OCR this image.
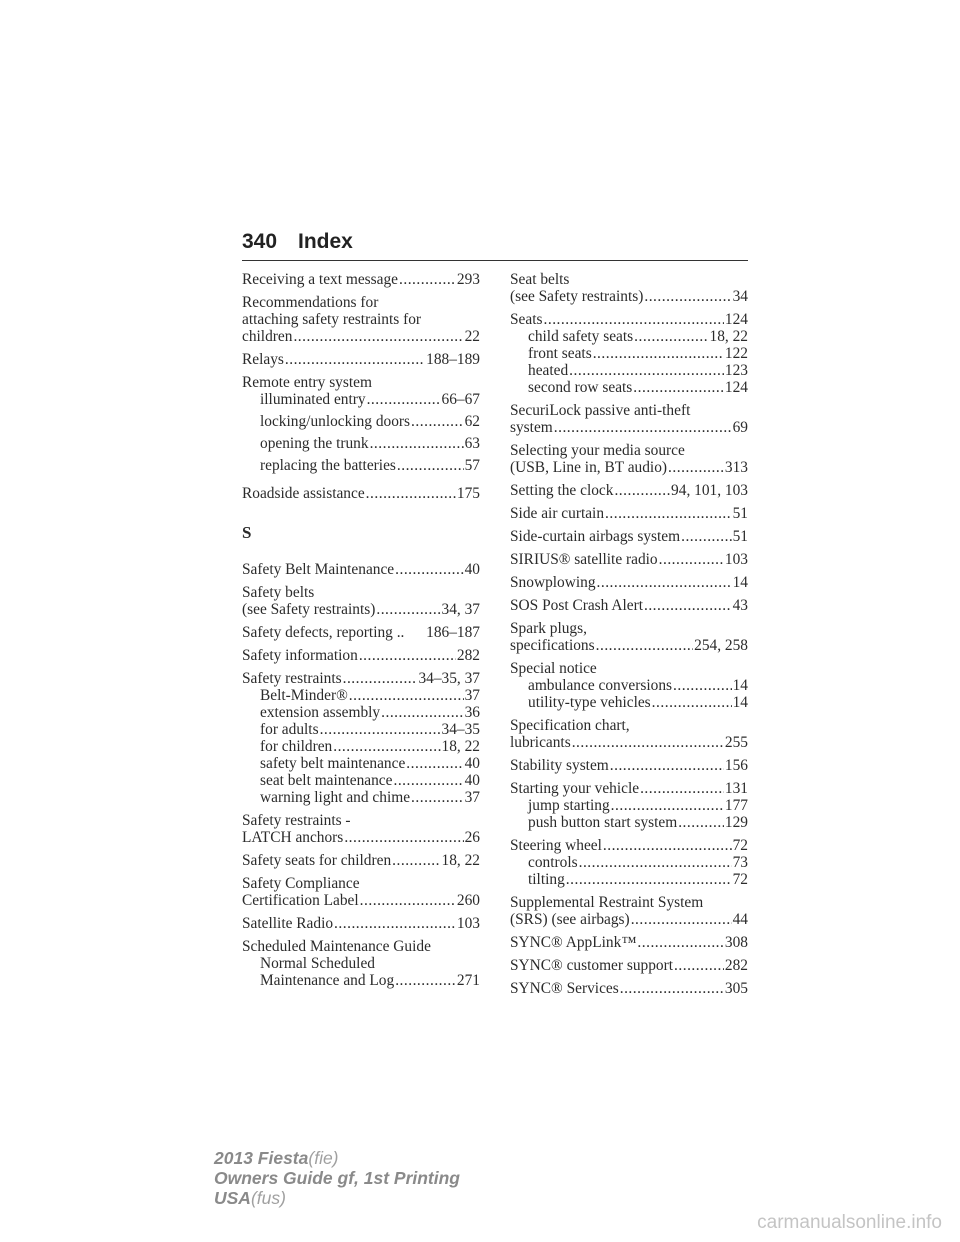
340 Index
Receiving a text message .....	293
Recommendations for
attaching safety restraints for
children .....	22
Relays .....	188–189
Remote entry system
illuminated entry .....	66–67
locking/unlocking doors .....	62
opening the trunk .....	63
replacing the batteries .....	57
Roadside assistance .....	175
S
Safety Belt Maintenance .....	40
Safety belts
(see Safety restraints) .....	34, 37
Safety defects, reporting .. 186–187
Safety information .....	282
Safety restraints .....	34–35, 37
Belt-Minder® .....	37
extension assembly .....	36
for adults .....	34–35
for children .....	18, 22
safety belt maintenance .....	40
seat belt maintenance .....	40
warning light and chime .....	37
Safety restraints -
LATCH anchors .....	26
Safety seats for children .....	18, 22
Safety Compliance
Certification Label .....	260
Satellite Radio .....	103
Scheduled Maintenance Guide
Normal Scheduled
Maintenance and Log .....	271
Seat belts
(see Safety restraints) .....	34
Seats .....	124
child safety seats .....	18, 22
front seats .....	122
heated .....	123
second row seats .....	124
SecuriLock passive anti-theft
system .....	69
Selecting your media source
(USB, Line in, BT audio) .....	313
Setting the clock .....	94, 101, 103
Side air curtain .....	51
Side-curtain airbags system .....	51
SIRIUS® satellite radio .....	103
Snowplowing .....	14
SOS Post Crash Alert .....	43
Spark plugs,
specifications .....	254, 258
Special notice
ambulance conversions .....	14
utility-type vehicles .....	14
Specification chart,
lubricants .....	255
Stability system .....	156
Starting your vehicle .....	131
jump starting .....	177
push button start system .....	129
Steering wheel .....	72
controls .....	73
tilting .....	72
Supplemental Restraint System
(SRS) (see airbags) .....	44
SYNC® AppLink™ .....	308
SYNC® customer support .....	282
SYNC® Services .....	305
2013 Fiesta(fie)
Owners Guide gf, 1st Printing
USA(fus)
carmanualsonline.info
